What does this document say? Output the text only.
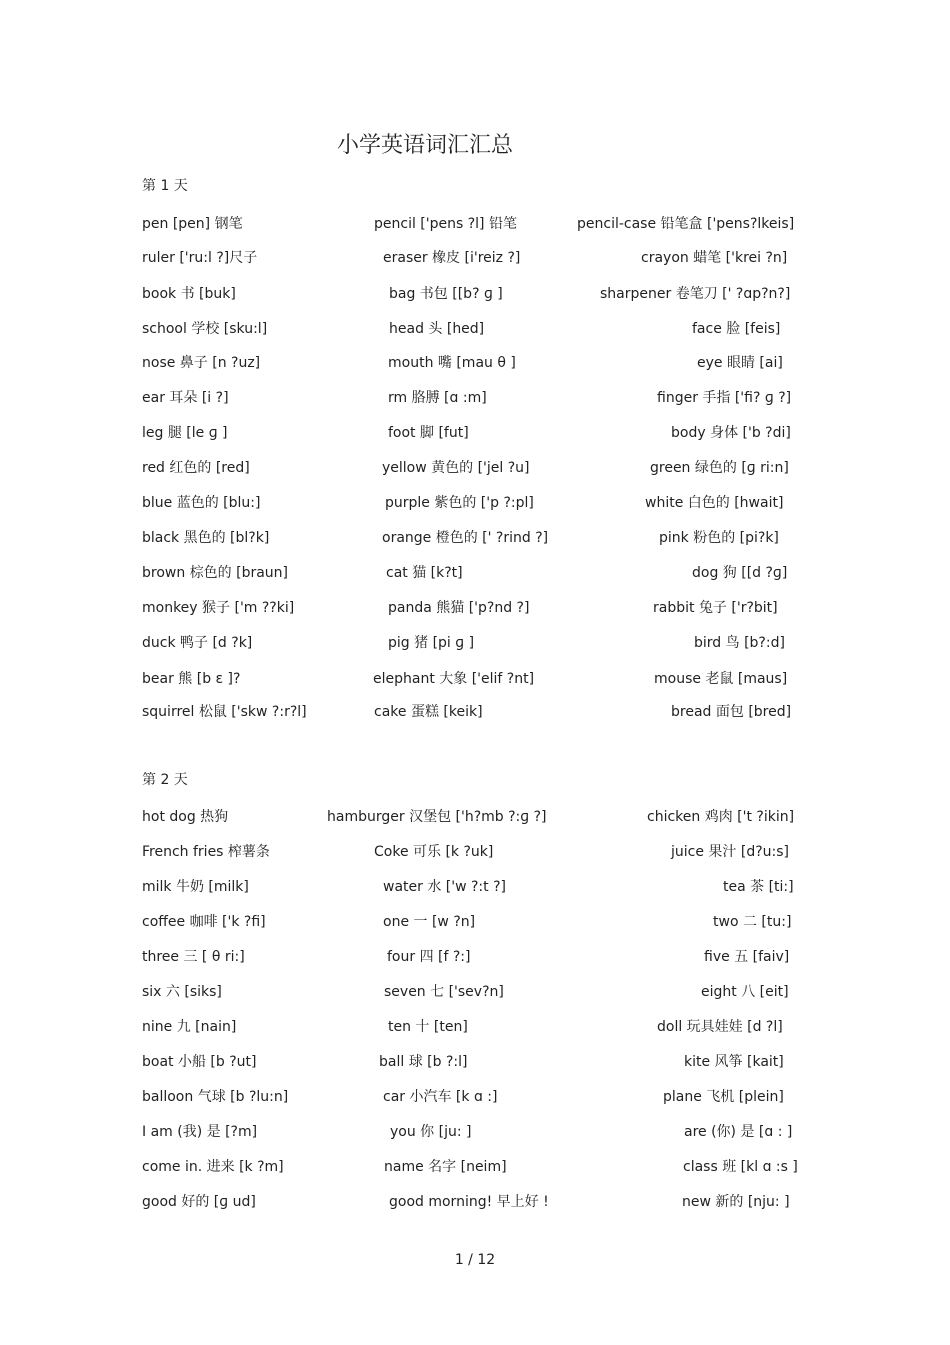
小学英语词汇汇总
第 1 天
第 2 天
pen [pen] 钢笔	pencil ['pens ?l] 铅笔	pencil-case 铅笔盒 ['pens?lkeis]
ruler ['ru:l ?]尺子	eraser 橡皮 [i'reiz ?]	crayon 蜡笔 ['krei ?n]
book 书 [buk]	bag 书包 [[b? ɡ ]	sharpener 卷笔刀 [' ?ɑp?n?]
school 学校 [sku:l]	head 头 [hed]	face 脸 [feis]
nose 鼻子 [n ?uz]	mouth 嘴 [mau θ ]	eye 眼睛 [ai]
ear 耳朵 [i ?]	rm 胳膊 [ɑ :m]	finger 手指 ['fi? ɡ ?]
leg 腿 [le ɡ ]	foot 脚 [fut]	body 身体 ['b ?di]
red 红色的 [red]	yellow 黄色的 ['jel ?u]	green 绿色的 [ɡ ri:n]
blue 蓝色的 [blu:]	purple 紫色的 ['p ?:pl]	white 白色的 [hwait]
black 黑色的 [bl?k]	orange 橙色的 [' ?rind ?]	pink 粉色的 [pi?k]
brown 棕色的 [braun]	cat 猫 [k?t]	dog 狗 [[d ?ɡ]
monkey 猴子 ['m ??ki]	panda 熊猫 ['p?nd ?]	rabbit 兔子 ['r?bit]
duck 鸭子 [d ?k]	pig 猪 [pi ɡ ]	bird 鸟 [b?:d]
bear 熊 [b ε ]?	elephant 大象 ['elif ?nt]	mouse 老鼠 [maus]
squirrel 松鼠 ['skw ?:r?l]	cake 蛋糕 [keik]	bread 面包 [bred]
hot dog 热狗	hamburger 汉堡包 ['h?mb ?:ɡ ?]	chicken 鸡肉 ['t ?ikin]
French fries 榨薯条	Coke 可乐 [k ?uk]	juice 果汁 [d?u:s]
milk 牛奶 [milk]	water 水 ['w ?:t ?]	tea 茶 [ti:]
coffee 咖啡 ['k ?fi]	one 一 [w ?n]	two 二 [tu:]
three 三 [ θ ri:]	four 四 [f ?:]	five 五 [faiv]
six 六 [siks]	seven 七 ['sev?n]	eight 八 [eit]
nine 九 [nain]	ten 十 [ten]	doll 玩具娃娃 [d ?l]
boat 小船 [b ?ut]	ball 球 [b ?:l]	kite 风筝 [kait]
balloon 气球 [b ?lu:n]	car 小汽车 [k ɑ :]	plane 飞机 [plein]
I am (我) 是 [?m]	you 你 [ju: ]	are (你) 是 [ɑ : ]
come in. 进来 [k ?m]	name 名字 [neim]	class 班 [kl ɑ :s ]
good 好的 [ɡ ud]	good morning! 早上好 !	new 新的 [nju: ]
1 / 12
